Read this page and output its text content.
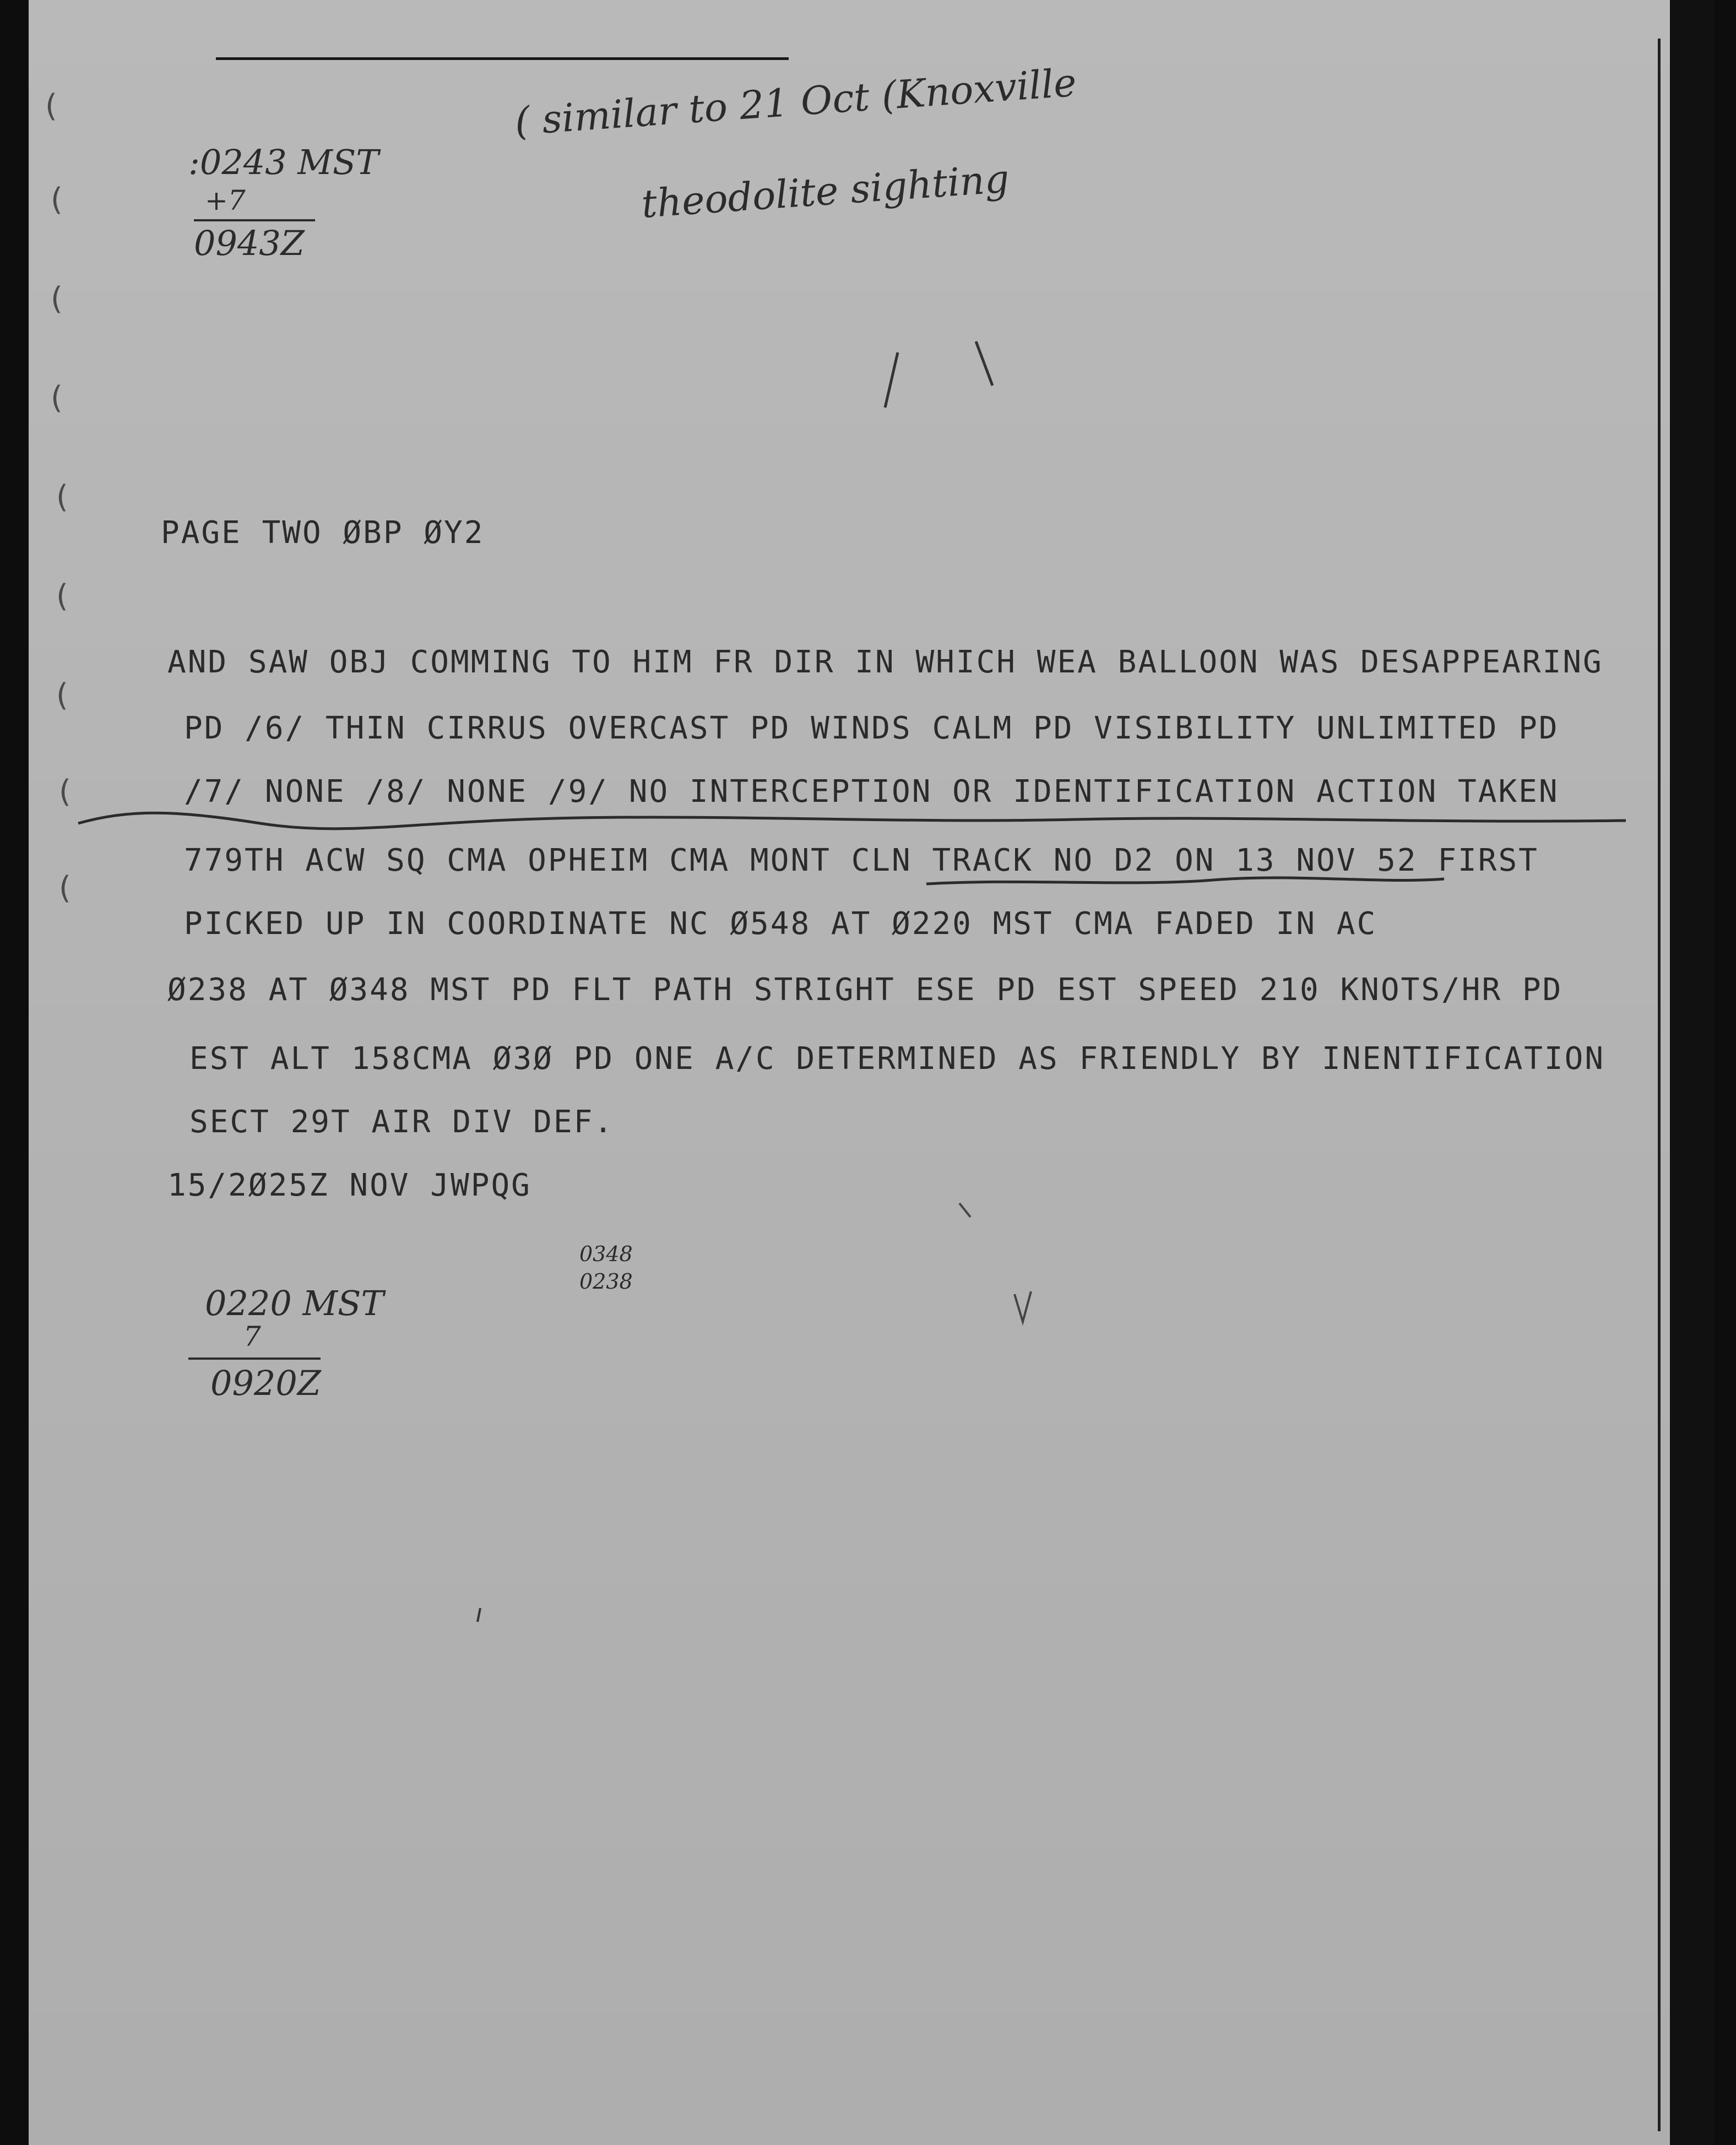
(
(
(
(
(
(
(
(
(
:0243 MST
+7
0943Z
( similar to 21 Oct (Knoxville
theodolite sighting
PAGE TWO ØBP ØY2
AND SAW OBJ COMMING TO HIM FR DIR IN WHICH WEA BALLOON WAS DESAPPEARING
PD /6/ THIN CIRRUS OVERCAST PD WINDS CALM PD VISIBILITY UNLIMITED PD
/7/ NONE /8/ NONE /9/ NO INTERCEPTION OR IDENTIFICATION ACTION TAKEN
779TH ACW SQ CMA OPHEIM CMA MONT CLN TRACK NO D2 ON 13 NOV 52 FIRST
PICKED UP IN COORDINATE NC Ø548 AT Ø220 MST CMA FADED IN AC
Ø238 AT Ø348 MST PD FLT PATH STRIGHT ESE PD EST SPEED 210 KNOTS/HR PD
EST ALT 158CMA Ø3Ø PD ONE A/C DETERMINED AS FRIENDLY BY INENTIFICATION
SECT 29T AIR DIV DEF.
15/2Ø25Z NOV JWPQG
0220 MST
7
0920Z
0348
0238
